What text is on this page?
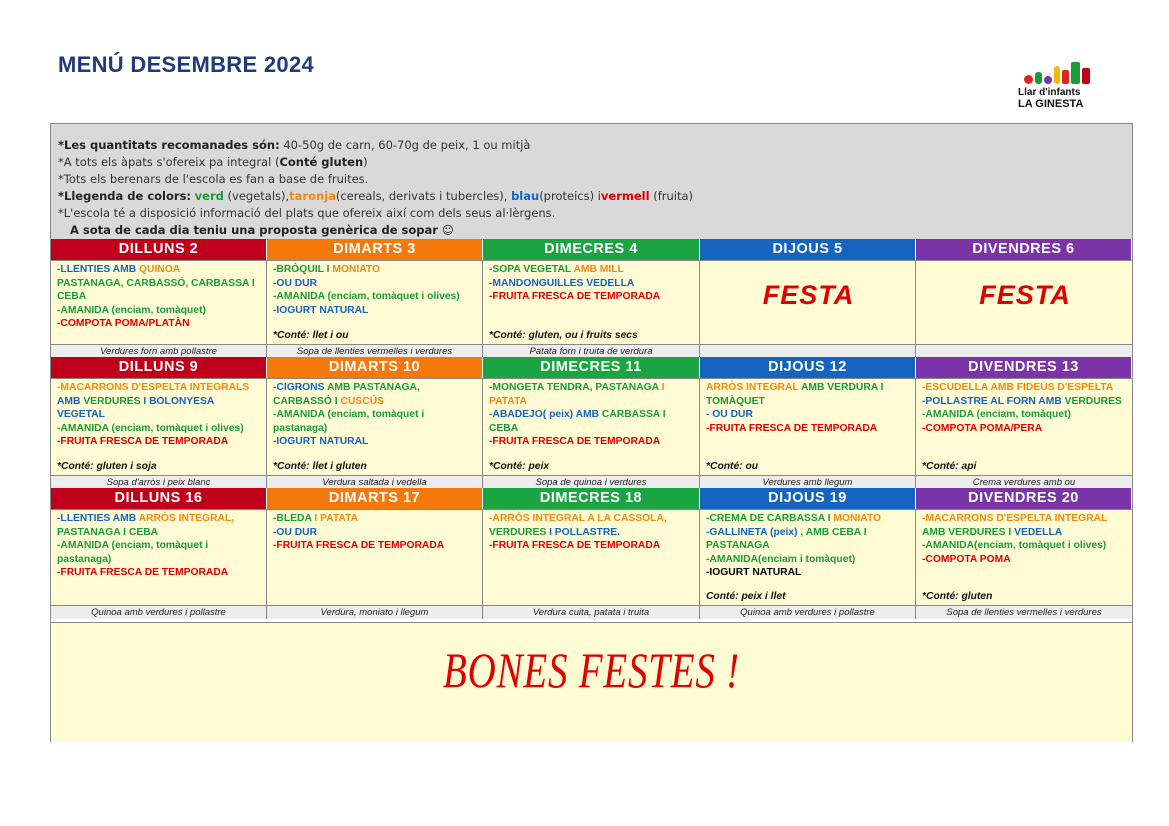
MENÚ DESEMBRE 2024
Llar d'infants
LA GINESTA
*Les quantitats recomanades són: 40-50g de carn, 60-70g de peix, 1 ou mitjà
*A tots els àpats s'ofereix pa integral (Conté gluten)
*Tots els berenars de l'escola es fan a base de fruites.
*Llegenda de colors: verd (vegetals),taronja(cereals, derivats i tubercles), blau(proteics) ivermell (fruita)
*L'escola té a disposició informació del plats que ofereix així com dels seus al·lèrgens.
A sota de cada dia teniu una proposta genèrica de sopar ☺
DILLUNS 2
-LLENTIES AMB QUINOA
PASTANAGA, CARBASSÓ, CARBASSA I CEBA
-AMANIDA (enciam, tomàquet)
-COMPOTA POMA/PLATÀN
Verdures forn amb pollastre
DIMARTS 3
-BRÒQUIL I MONIATO
-OU DUR
-AMANIDA (enciam, tomàquet i olives)
-IOGURT NATURAL
*Conté: llet i ou
Sopa de llenties vermelles i verdures
DIMECRES 4
-SOPA VEGETAL AMB MILL
-MANDONGUILLES VEDELLA
-FRUITA FRESCA DE TEMPORADA
*Conté: gluten, ou i fruits secs
Patata forn i truita de verdura
DIJOUS 5
FESTA
DIVENDRES 6
FESTA
DILLUNS 9
-MACARRONS D'ESPELTA INTEGRALS AMB VERDURES I BOLONYESA VEGETAL
-AMANIDA (enciam, tomàquet i olives)
-FRUITA FRESCA DE TEMPORADA
*Conté: gluten i soja
Sopa d'arròs i peix blanc
DIMARTS 10
-CIGRONS AMB PASTANAGA, CARBASSÓ I CUSCÚS
-AMANIDA (enciam, tomàquet i pastanaga)
-IOGURT NATURAL
*Conté: llet i gluten
Verdura saltada i vedella
DIMECRES 11
-MONGETA TENDRA, PASTANAGA I PATATA
-ABADEJO( peix) AMB CARBASSA I CEBA
-FRUITA FRESCA DE TEMPORADA
*Conté: peix
Sopa de quinoa i verdures
DIJOUS 12
ARRÒS INTEGRAL AMB VERDURA I TOMÀQUET
- OU DUR
-FRUITA FRESCA DE TEMPORADA
*Conté: ou
Verdures amb llegum
DIVENDRES 13
-ESCUDELLA AMB FIDEUS D'ESPELTA
-POLLASTRE AL FORN AMB VERDURES
-AMANIDA (enciam, tomàquet)
-COMPOTA POMA/PERA
*Conté: api
Crema verdures amb ou
DILLUNS 16
-LLENTIES AMB ARRÒS INTEGRAL, PASTANAGA I CEBA
-AMANIDA (enciam, tomàquet i pastanaga)
-FRUITA FRESCA DE TEMPORADA
Quinoa amb verdures i pollastre
DIMARTS 17
-BLEDA I PATATA
-OU DUR
-FRUITA FRESCA DE TEMPORADA
Verdura, moniato i llegum
DIMECRES 18
-ARRÒS INTEGRAL A LA CASSOLA, VERDURES I POLLASTRE.
-FRUITA FRESCA DE TEMPORADA
Verdura cuita, patata i truita
DIJOUS 19
-CREMA DE CARBASSA I MONIATO
-GALLINETA (peix) , AMB CEBA I PASTANAGA
-AMANIDA(enciam i tomàquet)
-IOGURT NATURAL
Conté: peix i llet
Quinoa amb verdures i pollastre
DIVENDRES 20
-MACARRONS D'ESPELTA INTEGRAL AMB VERDURES I VEDELLA
-AMANIDA(enciam, tomàquet i olives)
-COMPOTA POMA
*Conté: gluten
Sopa de llenties vermelles i verdures
BONES FESTES !
